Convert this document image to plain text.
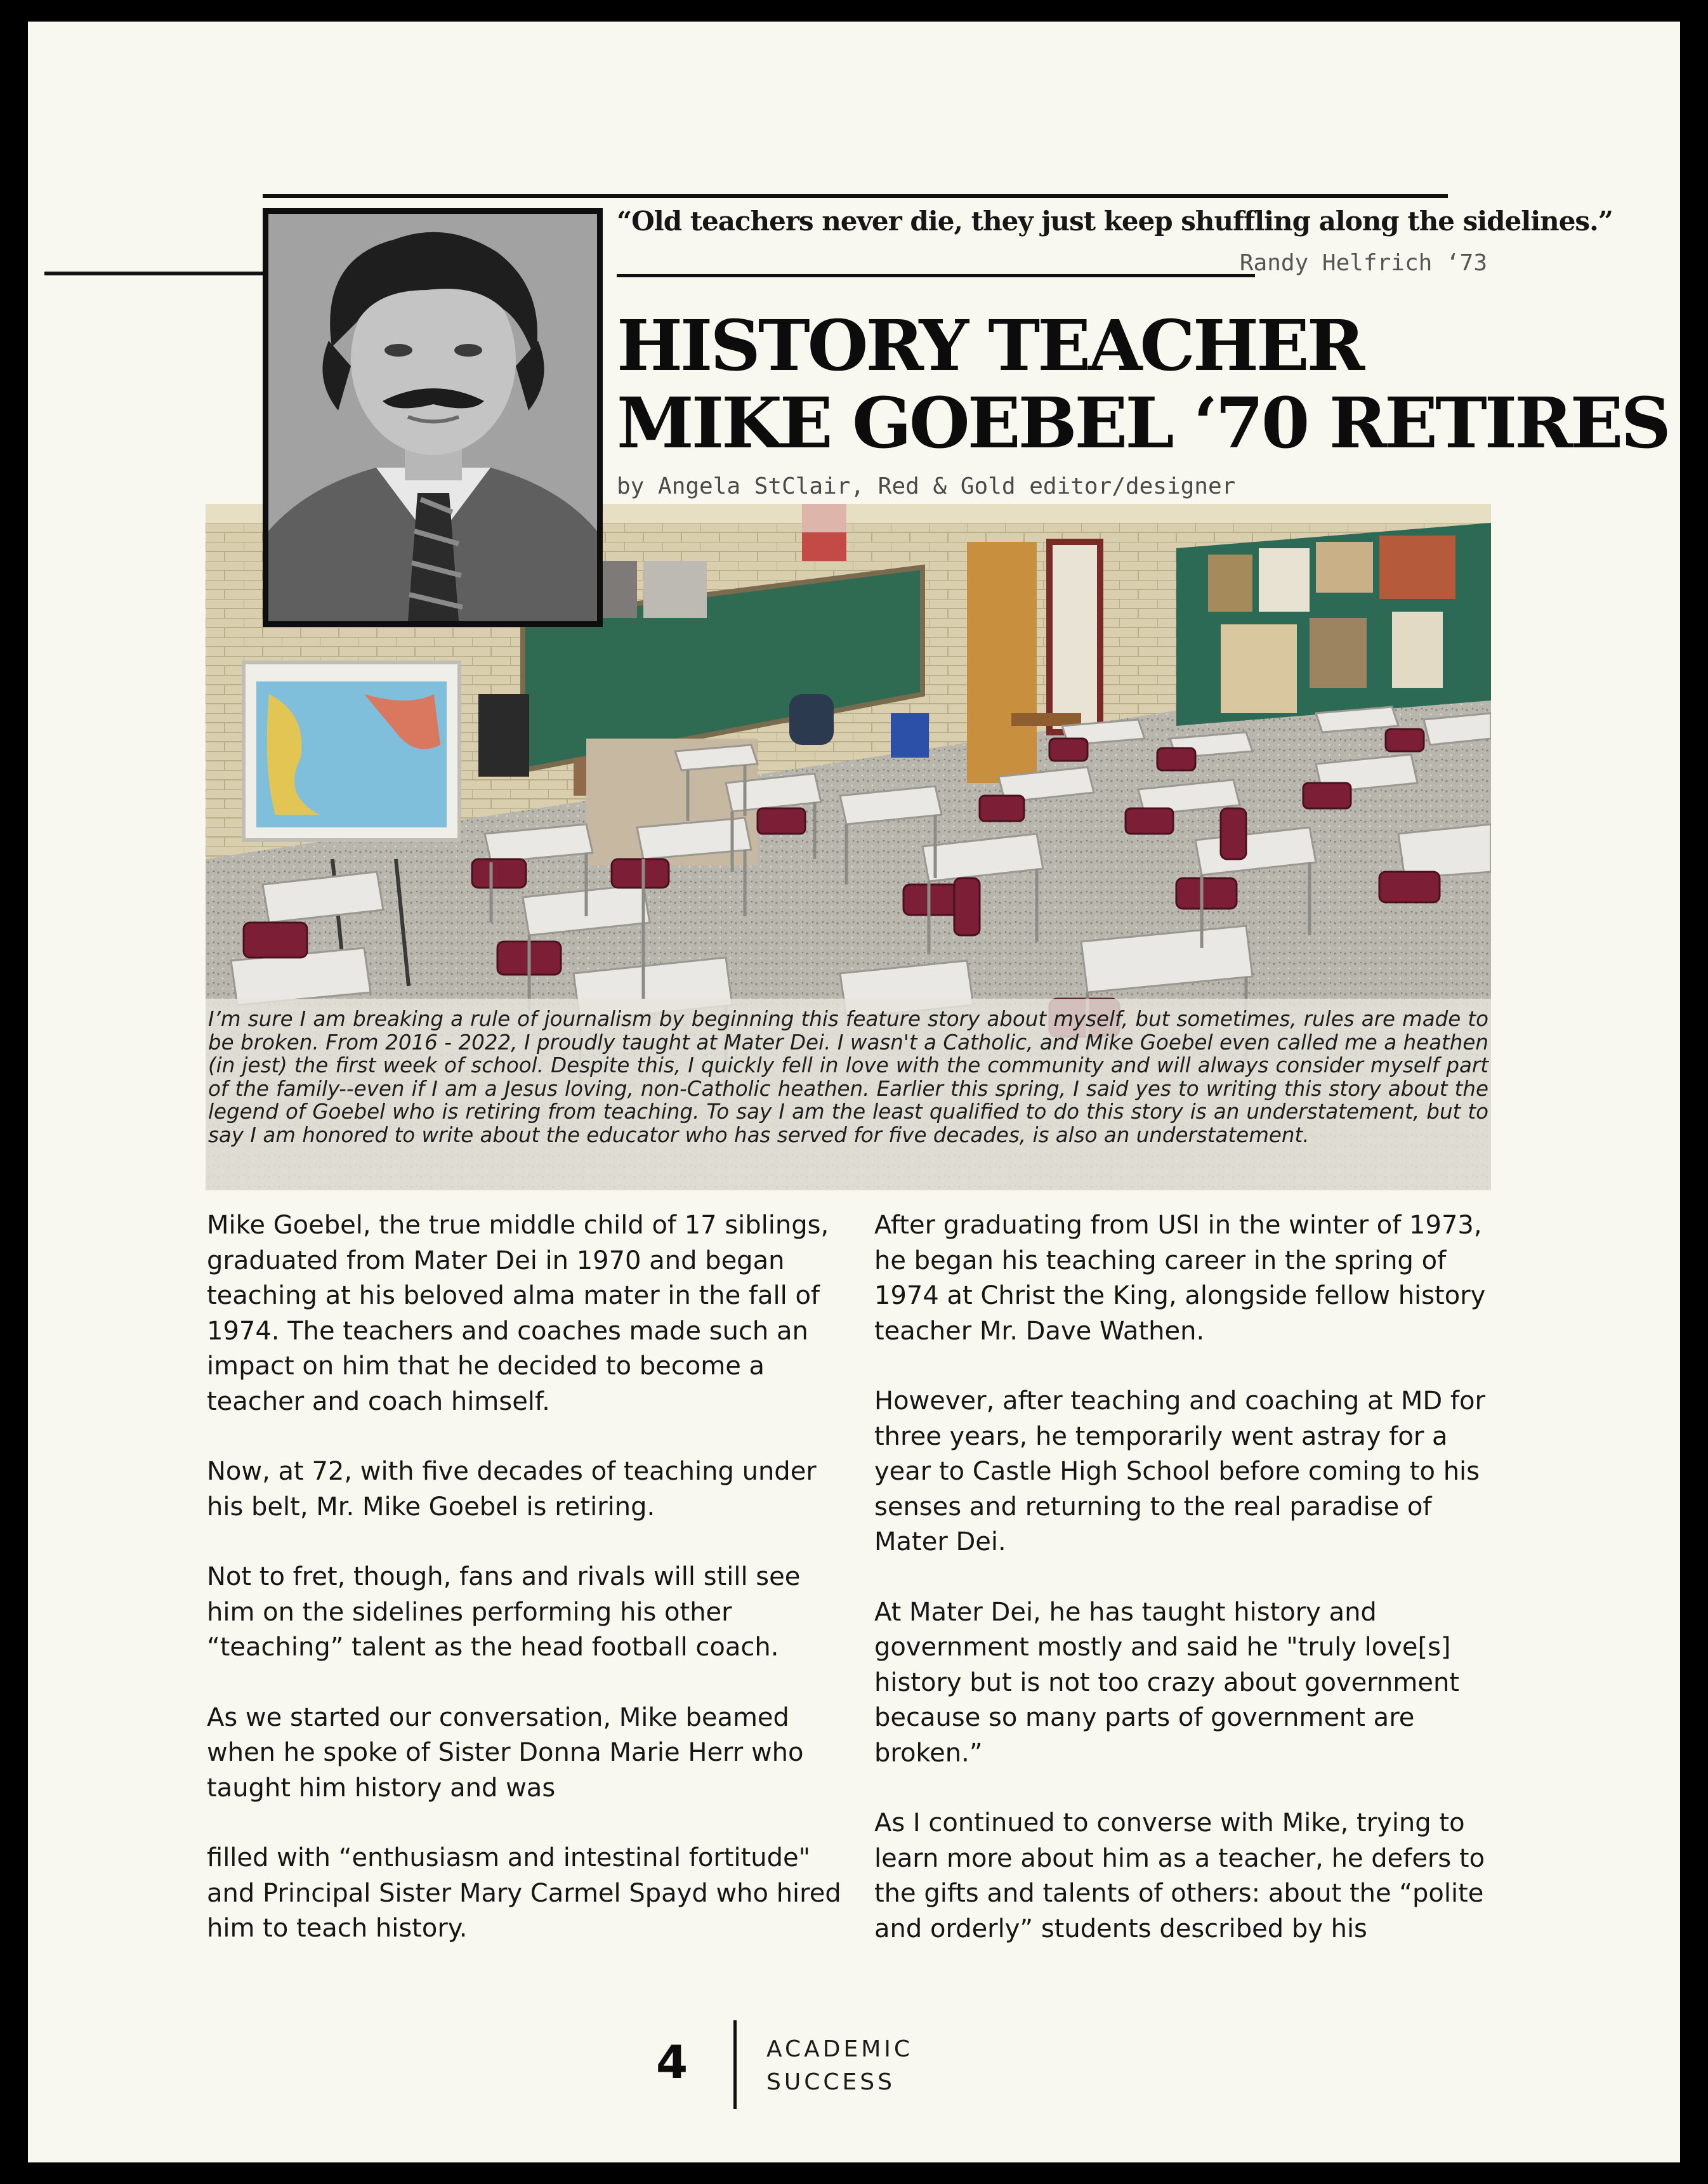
“Old teachers never die, they just keep shuffling along the sidelines.”
Randy Helfrich ‘73
HISTORY TEACHER
MIKE GOEBEL ‘70 RETIRES
by Angela StClair, Red & Gold editor/designer
I’m sure I am breaking a rule of journalism by beginning this feature story about myself, but sometimes, rules are made to be broken. From 2016 - 2022, I proudly taught at Mater Dei. I wasn't a Catholic, and Mike Goebel even called me a heathen (in jest) the first week of school. Despite this, I quickly fell in love with the community and will always consider myself part of the family--even if I am a Jesus loving, non-Catholic heathen. Earlier this spring, I said yes to writing this story about the legend of Goebel who is retiring from teaching. To say I am the least qualified to do this story is an understatement, but to say I am honored to write about the educator who has served for five decades, is also an understatement.

Mike Goebel, the true middle child of 17 siblings, graduated from Mater Dei in 1970 and began teaching at his beloved alma mater in the fall of 1974. The teachers and coaches made such an impact on him that he decided to become a teacher and coach himself.

Now, at 72, with five decades of teaching under his belt, Mr. Mike Goebel is retiring.

Not to fret, though, fans and rivals will still see him on the sidelines performing his other “teaching” talent as the head football coach.

As we started our conversation, Mike beamed when he spoke of Sister Donna Marie Herr who taught him history and was

filled with “enthusiasm and intestinal fortitude" and Principal Sister Mary Carmel Spayd who hired him to teach history.

After graduating from USI in the winter of 1973, he began his teaching career in the spring of 1974 at Christ the King, alongside fellow history teacher Mr. Dave Wathen.

However, after teaching and coaching at MD for three years, he temporarily went astray for a year to Castle High School before coming to his senses and returning to the real paradise of Mater Dei.

At Mater Dei, he has taught history and government mostly and said he "truly love[s] history but is not too crazy about government because so many parts of government are broken.”

As I continued to converse with Mike, trying to learn more about him as a teacher, he defers to the gifts and talents of others: about the “polite and orderly” students described by his

4	ACADEMIC
SUCCESS
